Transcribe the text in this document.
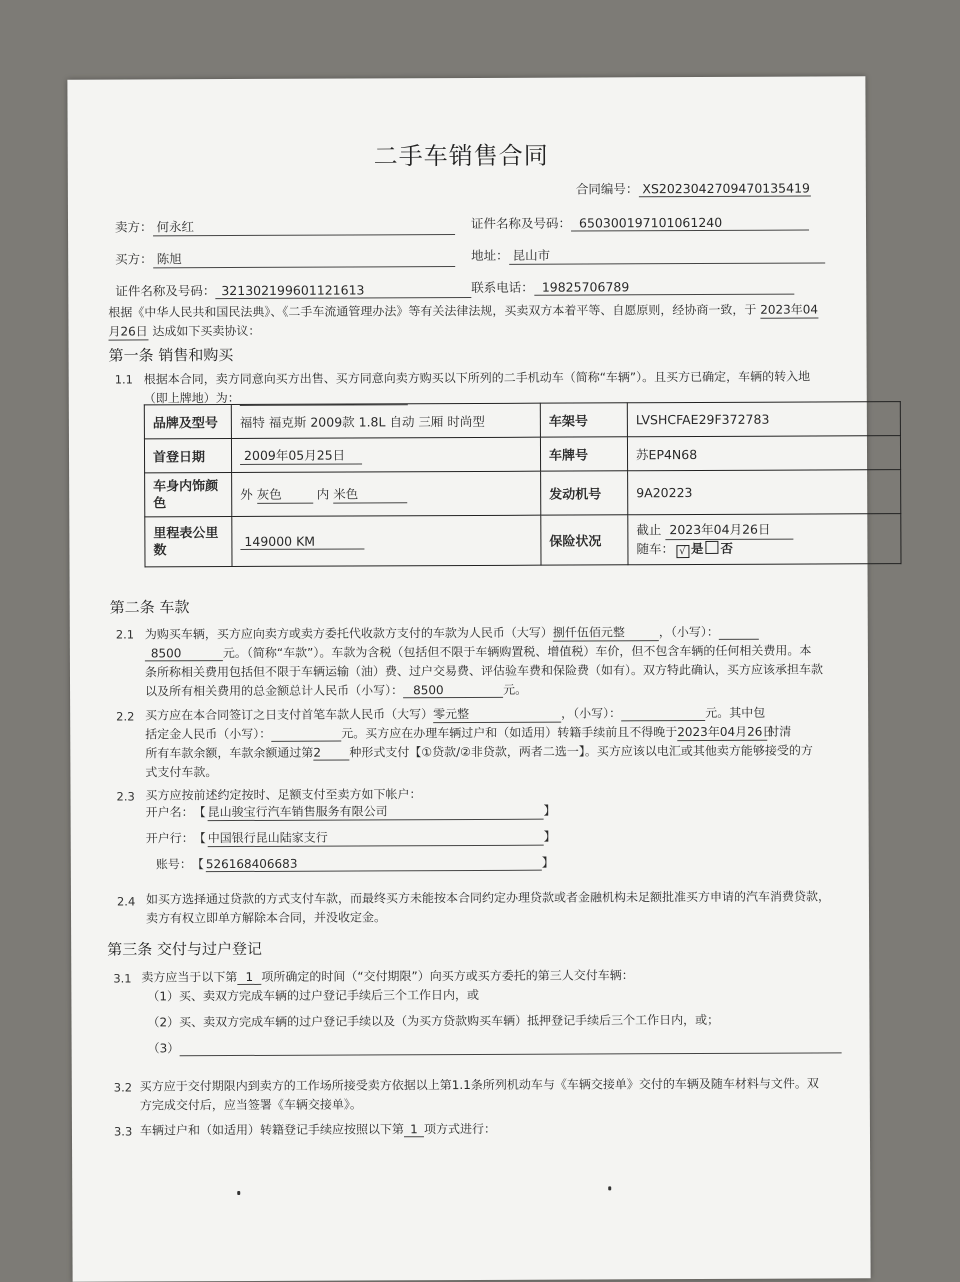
二手车销售合同
合同编号： XS2023042709470135419
卖方： 何永红	证件名称及号码： 650300197101061240
买方： 陈旭	地址： 昆山市
证件名称及号码： 321302199601121613	联系电话： 19825706789
根据《中华人民共和国民法典》、《二手车流通管理办法》等有关法律法规，买卖双方本着平等、自愿原则，经协商一致，于 2023年04
月26日 达成如下买卖协议：
第一条 销售和购买
1.1 根据本合同，卖方同意向买方出售、买方同意向卖方购买以下所列的二手机动车（简称“车辆”）。且买方已确定，车辆的转入地
（即上牌地）为：
品牌及型号	福特 福克斯 2009款 1.8L 自动 三厢 时尚型	车架号	LVSHCFAE29F372783
首登日期	2009年05月25日	车牌号	苏EP4N68
车身内饰颜色	外 灰色 内 米色	发动机号	9A20223
里程表公里数	149000 KM	保险状况	截止 2023年04月26日
随车： √ 是 否
第二条 车款
2.1 为购买车辆，买方应向卖方或卖方委托代收款方支付的车款为人民币（大写）捌仟伍佰元整	，（小写）：
8500	元。（简称“车款”）。车款为含税（包括但不限于车辆购置税、增值税）车价，但不包含车辆的任何相关费用。本
条所称相关费用包括但不限于车辆运输（油）费、过户交易费、评估验车费和保险费（如有）。双方特此确认，买方应该承担车款
以及所有相关费用的总金额总计人民币（小写）： 8500	元。
2.2 买方应在本合同签订之日支付首笔车款人民币（大写）零元整	，（小写）：	元。其中包
括定金人民币（小写）：	元。买方应在办理车辆过户和（如适用）转籍手续前且不得晚于2023年04月26日付清
所有车款余额，车款余额通过第2 种形式支付【①贷款/②非贷款，两者二选一】。买方应该以电汇或其他卖方能够接受的方
式支付车款。
2.3 买方应按前述约定按时、足额支付至卖方如下帐户：
开户名：【 昆山骏宝行汽车销售服务有限公司	】
开户行：【 中国银行昆山陆家支行	】
账号：【 526168406683	】
2.4 如买方选择通过贷款的方式支付车款，而最终买方未能按本合同约定办理贷款或者金融机构未足额批准买方申请的汽车消费贷款，
卖方有权立即单方解除本合同，并没收定金。
第三条 交付与过户登记
3.1 卖方应当于以下第 1 项所确定的时间（“交付期限”）向买方或买方委托的第三人交付车辆：
（1）买、卖双方完成车辆的过户登记手续后三个工作日内，或
（2）买、卖双方完成车辆的过户登记手续以及（为买方贷款购买车辆）抵押登记手续后三个工作日内，或；
（3）
3.2 买方应于交付期限内到卖方的工作场所接受卖方依据以上第1.1条所列机动车与《车辆交接单》交付的车辆及随车材料与文件。双
方完成交付后，应当签署《车辆交接单》。
3.3 车辆过户和（如适用）转籍登记手续应按照以下第 1 项方式进行：
